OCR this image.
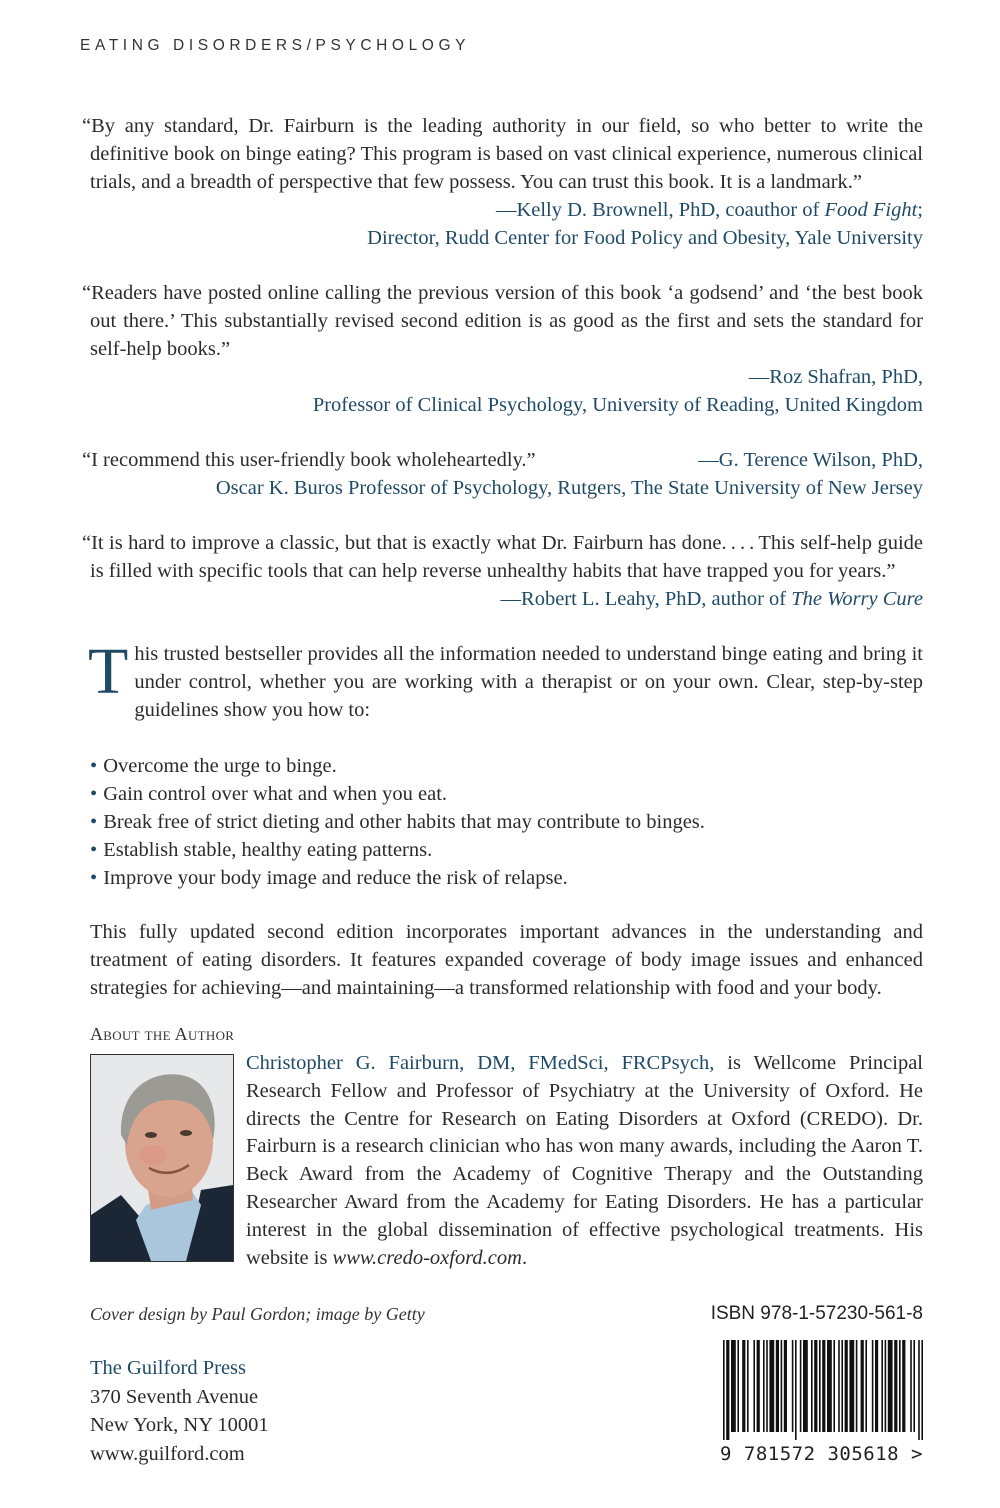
EATING DISORDERS/PSYCHOLOGY
“By any standard, Dr. Fairburn is the leading authority in our field, so who better to write the definitive book on binge eating? This program is based on vast clinical experience, numerous clinical trials, and a breadth of perspective that few possess. You can trust this book. It is a landmark.”
—Kelly D. Brownell, PhD, coauthor of Food Fight;
Director, Rudd Center for Food Policy and Obesity, Yale University
“Readers have posted online calling the previous version of this book ‘a godsend’ and ‘the best book out there.’ This substantially revised second edition is as good as the first and sets the standard for self-help books.”
—Roz Shafran, PhD,
Professor of Clinical Psychology, University of Reading, United Kingdom
“I recommend this user-friendly book wholeheartedly.”	—G. Terence Wilson, PhD,
Oscar K. Buros Professor of Psychology, Rutgers, The State University of New Jersey
“It is hard to improve a classic, but that is exactly what Dr. Fairburn has done. . . . This self-help guide is filled with specific tools that can help reverse unhealthy habits that have trapped you for years.”
—Robert L. Leahy, PhD, author of The Worry Cure
This trusted bestseller provides all the information needed to understand binge eating and bring it under control, whether you are working with a therapist or on your own. Clear, step-by-step guidelines show you how to:
• Overcome the urge to binge.
• Gain control over what and when you eat.
• Break free of strict dieting and other habits that may contribute to binges.
• Establish stable, healthy eating patterns.
• Improve your body image and reduce the risk of relapse.
This fully updated second edition incorporates important advances in the understanding and treatment of eating disorders. It features expanded coverage of body image issues and enhanced strategies for achieving—and maintaining—a transformed relationship with food and your body.
About the Author
Christopher G. Fairburn, DM, FMedSci, FRCPsych, is Wellcome Principal Research Fellow and Professor of Psychiatry at the University of Oxford. He directs the Centre for Research on Eating Disorders at Oxford (CREDO). Dr. Fairburn is a research clinician who has won many awards, including the Aaron T. Beck Award from the Academy of Cognitive Therapy and the Outstanding Researcher Award from the Academy for Eating Disorders. He has a particular interest in the global dissemination of effective psychological treatments. His website is www.credo-oxford.com.
Cover design by Paul Gordon; image by Getty
The Guilford Press
370 Seventh Avenue
New York, NY 10001
www.guilford.com
ISBN 978-1-57230-561-8
9 781572 305618 >
